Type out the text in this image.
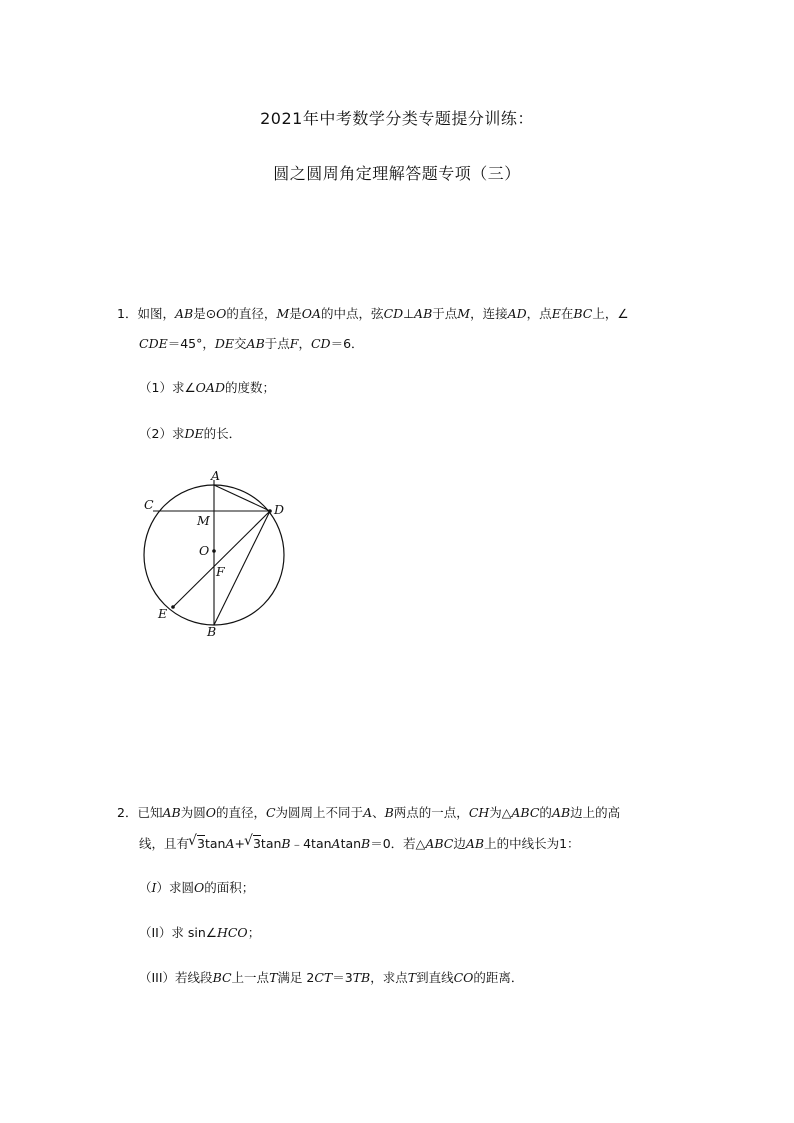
2021年中考数学分类专题提分训练：
圆之圆周角定理解答题专项（三）
1．如图，AB是⊙O的直径，M是OA的中点，弦CD⊥AB于点M，连接AD，点E在BC上，∠
CDE＝45°，DE交AB于点F，CD＝6．
（1）求∠OAD的度数；
（2）求DE的长．
A
C	D
M
O
F
E
B
2．已知AB为圆O的直径，C为圆周上不同于A、B两点的一点，CH为△ABC的AB边上的高
线，且有 √ 3tanA+ √ 3tanB﹣4tanAtanB＝0．若△ABC边AB上的中线长为1：
（I）求圆O的面积；
（II）求 sin∠HCO；
（III）若线段BC上一点T满足 2CT＝3TB，求点T到直线CO的距离．
